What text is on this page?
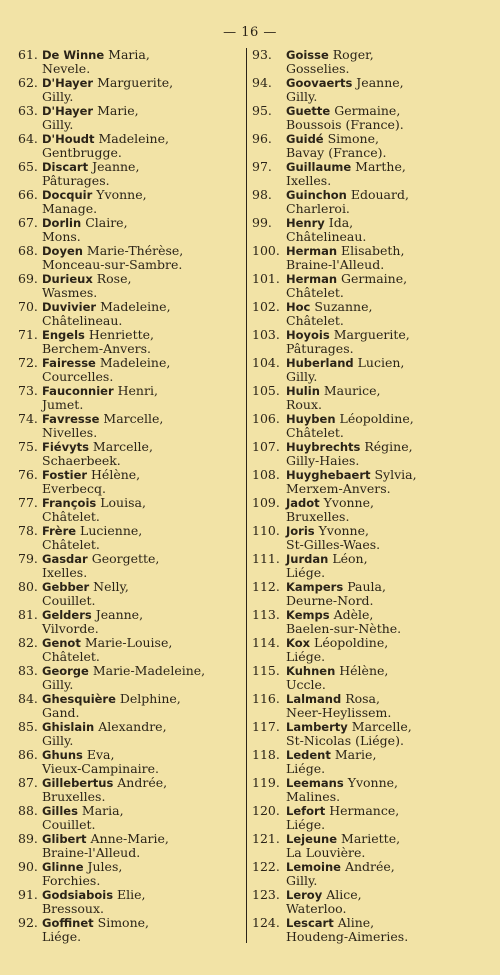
— 16 —
61. De Winne Maria,
Nevele.
62. D'Hayer Marguerite,
Gilly.
63. D'Hayer Marie,
Gilly.
64. D'Houdt Madeleine,
Gentbrugge.
65. Discart Jeanne,
Pâturages.
66. Docquir Yvonne,
Manage.
67. Dorlin Claire,
Mons.
68. Doyen Marie-Thérèse,
Monceau-sur-Sambre.
69. Durieux Rose,
Wasmes.
70. Duvivier Madeleine,
Châtelineau.
71. Engels Henriette,
Berchem-Anvers.
72. Fairesse Madeleine,
Courcelles.
73. Fauconnier Henri,
Jumet.
74. Favresse Marcelle,
Nivelles.
75. Fiévyts Marcelle,
Schaerbeek.
76. Fostier Hélène,
Everbecq.
77. François Louisa,
Châtelet.
78. Frère Lucienne,
Châtelet.
79. Gasdar Georgette,
Ixelles.
80. Gebber Nelly,
Couillet.
81. Gelders Jeanne,
Vilvorde.
82. Genot Marie-Louise,
Châtelet.
83. George Marie-Madeleine,
Gilly.
84. Ghesquière Delphine,
Gand.
85. Ghislain Alexandre,
Gilly.
86. Ghuns Eva,
Vieux-Campinaire.
87. Gillebertus Andrée,
Bruxelles.
88. Gilles Maria,
Couillet.
89. Glibert Anne-Marie,
Braine-l'Alleud.
90. Glinne Jules,
Forchies.
91. Godsiabois Elie,
Bressoux.
92. Goffinet Simone,
Liége.
93.	Goisse Roger,
Gosselies.
94.	Goovaerts Jeanne,
Gilly.
95.	Guette Germaine,
Boussois (France).
96.	Guidé Simone,
Bavay (France).
97.	Guillaume Marthe,
Ixelles.
98.	Guinchon Edouard,
Charleroi.
99.	Henry Ida,
Châtelineau.
100. Herman Elisabeth,
Braine-l'Alleud.
101. Herman Germaine,
Châtelet.
102. Hoc Suzanne,
Châtelet.
103. Hoyois Marguerite,
Pâturages.
104. Huberland Lucien,
Gilly.
105. Hulin Maurice,
Roux.
106. Huyben Léopoldine,
Châtelet.
107. Huybrechts Régine,
Gilly-Haies.
108. Huyghebaert Sylvia,
Merxem-Anvers.
109. Jadot Yvonne,
Bruxelles.
110. Joris Yvonne,
St-Gilles-Waes.
111. Jurdan Léon,
Liége.
112. Kampers Paula,
Deurne-Nord.
113. Kemps Adèle,
Baelen-sur-Nèthe.
114. Kox Léopoldine,
Liége.
115. Kuhnen Hélène,
Uccle.
116. Lalmand Rosa,
Neer-Heylissem.
117. Lamberty Marcelle,
St-Nicolas (Liége).
118. Ledent Marie,
Liége.
119. Leemans Yvonne,
Malines.
120. Lefort Hermance,
Liége.
121. Lejeune Mariette,
La Louvière.
122. Lemoine Andrée,
Gilly.
123. Leroy Alice,
Waterloo.
124. Lescart Aline,
Houdeng-Aimeries.
